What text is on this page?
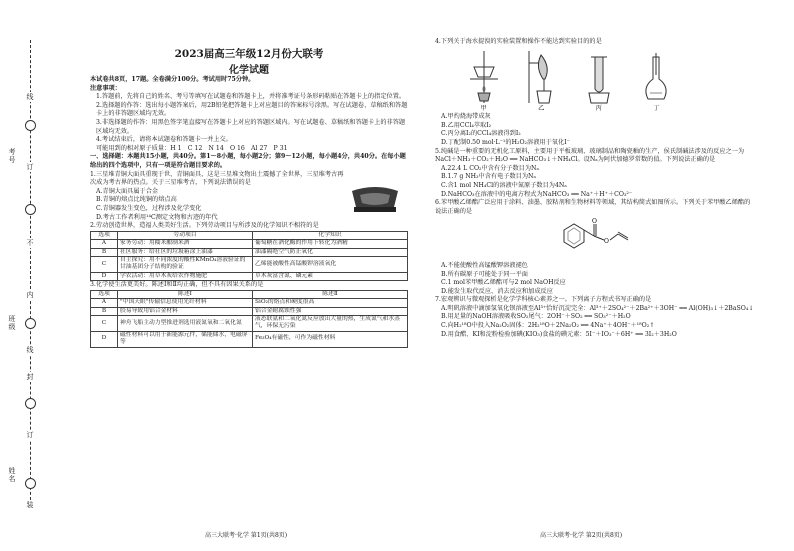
考号
班级
姓名
线
订
不
内
线
封
订
装
2023届高三年级12月份大联考
化学试题

本试卷共8页，17题。全卷满分100分。考试用时75分钟。

注意事项：

1.答题前，先将自己的姓名、考号等填写在试题卷和答题卡上，并将准考证号条形码粘贴在答题卡上的指定位置。

2.选择题的作答：选出每小题答案后，用2B铅笔把答题卡上对应题目的答案标号涂黑。写在试题卷、草稿纸和答题卡上的非答题区域均无效。

3.非选择题的作答：用黑色签字笔直接写在答题卡上对应的答题区域内。写在试题卷、草稿纸和答题卡上的非答题区域均无效。

4.考试结束后，请将本试题卷和答题卡一并上交。

可能用到的相对原子质量：H 1　C 12　N 14　O 16　Al 27　P 31

一、选择题：本题共15小题，共40分。第1～8小题，每小题2分；第9～12小题，每小题4分，共40分。在每小题给出的四个选项中，只有一项是符合题目要求的。

1.三星堆青铜大面具重现于世，青铜面具，这是三星堆文物出土震撼了全世界，三星堆考古再次成为考古界的热点。关于三星堆考古，下列说法错误的是

A.青铜大面具属于合金

B.青铜的熔点比纯铜的熔点高

C.青铜器发生变色，过程涉及化学变化

D.考古工作者利用¹⁴C测定文物和古迹的年代

2.劳动创造世界，造福人类美好生活。下列劳动项目与所涉及的化学知识不相符的是

选项	劳动项目	化学知识
A	家务劳动：用糯米酿制米酒	葡萄糖在酒化酶的作用下转化为酒精
B	社区服务：给社区的垃圾箱涂上油漆	油漆隔绝空气防止氧化
C	自主探究：用不同浓度的酸性KMnO₄溶液验证的甘油基团分子结构的验证	乙烯能被酸性高锰酸钾溶液氧化
D	学农活动：用草木灰给农作物施肥	草木灰富含氮、磷元素

3.化学使生活更美好。陈述Ⅰ和Ⅱ均正确，但不具有因果关系的是

选项	陈述Ⅰ	陈述Ⅱ
A	"中国天眼"传输信息使用光纤材料	SiO₂的熔点和硬度很高
B	胶易导致用铝合金材料	铝合金耐腐蚀性强
C	神舟飞船主动力型推进剂选用液氮氧和二氧化氮	液态联氨和二氧化氮反应放出大量的热，生成氮气和水蒸气，环保无污染
D	磁性材料可以用于新能源元件，储能储水，电磁屏等	Fe₃O₄有磁性，可作为磁性材料
高三大联考·化学 第1页(共8页)

4.下列关于海水提溴的实验装置和操作不能达到实验目的的是

甲	乙	丙	丁

A.甲灼烧海带成灰

B.乙用CCl₄萃取I₂

C.丙分离I₂的CCl₄溶液得到I₂

D.丁配制0.50 mol·L⁻¹的H₂O₂溶液用于氧化I⁻

5.纯碱是一种重要的无机化工原料，主要用于平板玻璃、玻璃制品和陶瓷釉的生产，侯氏制碱法涉及的反应之一为NaCl＋NH₃＋CO₂＋H₂O ══ NaHCO₃↓＋NH₄Cl。设Nₐ为阿伏加德罗常数的值。下列说法正确的是

A.22.4 L CO₂中含有分子数目为Nₐ

B.1.7 g NH₃中含有电子数目为Nₐ

C.含1 mol NH₄Cl的溶液中氮原子数目为4Nₐ

D.NaHCO₃在溶液中的电离方程式为NaHCO₃ ══ Na⁺＋H⁺＋CO₃²⁻

6.苯甲酸乙烯酯广泛应用于涂料、油墨、胶粘剂和生物材料等领域，其结构简式如图所示。下列关于苯甲酸乙烯酯的说法正确的是

O
O

A.不能使酸性高锰酸钾溶液褪色

B.所有碳原子可能处于同一平面

C.1 mol苯甲酸乙烯酯可与2 mol NaOH反应

D.能发生取代反应、消去反应和加成反应

7.宏观辨识与微观探析是化学学科核心素养之一。下列离子方程式书写正确的是

A.明矾溶液中滴加氢氧化钡溶液至Al³⁺恰好沉淀完全：Al³⁺＋2SO₄²⁻＋2Ba²⁺＋3OH⁻ ══ Al(OH)₃↓＋2BaSO₄↓

B.用足量的NaOH溶液吸收SO₂尾气：2OH⁻＋SO₂ ══ SO₃²⁻＋H₂O

C.向H₂¹⁸O中投入Na₂O₂固体：2H₂¹⁸O＋2Na₂O₂ ══ 4Na⁺＋4OH⁻＋¹⁸O₂↑

D.用食醋、KI和淀粉检验加碘(KIO₃)食盐的碘元素：5I⁻＋IO₃⁻＋6H⁺ ══ 3I₂＋3H₂O

高三大联考·化学 第2页(共8页)
